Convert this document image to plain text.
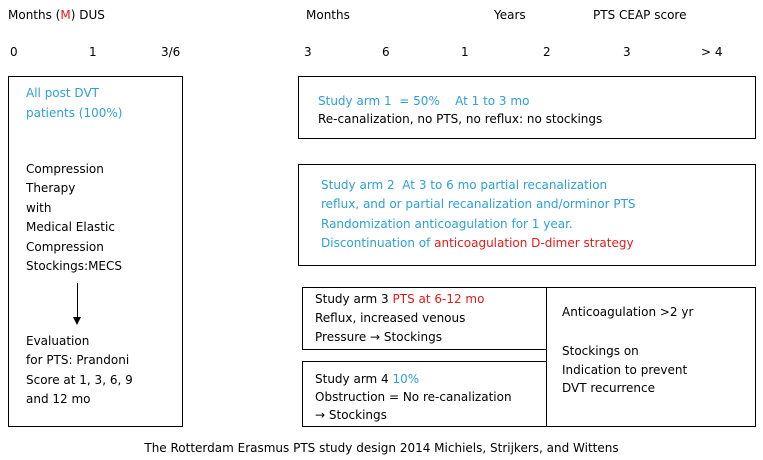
Months (M) DUS	Months	Years	PTS CEAP score
0	1	3/6	3	6	1	2	3	> 4
All post DVT
patients (100%)
Compression
Therapy
with
Medical Elastic
Compression
Stockings:MECS
Evaluation
for PTS: Prandoni
Score at 1, 3, 6, 9
and 12 mo
Study arm 1  = 50%    At 1 to 3 mo
Re-canalization, no PTS, no reflux: no stockings
Study arm 2  At 3 to 6 mo partial recanalization
reflux, and or partial recanalization and/orminor PTS
Randomization anticoagulation for 1 year.
Discontinuation of anticoagulation D-dimer strategy
Study arm 3 PTS at 6-12 mo
Reflux, increased venous
Pressure → Stockings
Anticoagulation >2 yr
Stockings on
Indication to prevent
DVT recurrence
Study arm 4 10%
Obstruction = No re-canalization
→ Stockings
The Rotterdam Erasmus PTS study design 2014 Michiels, Strijkers, and Wittens
